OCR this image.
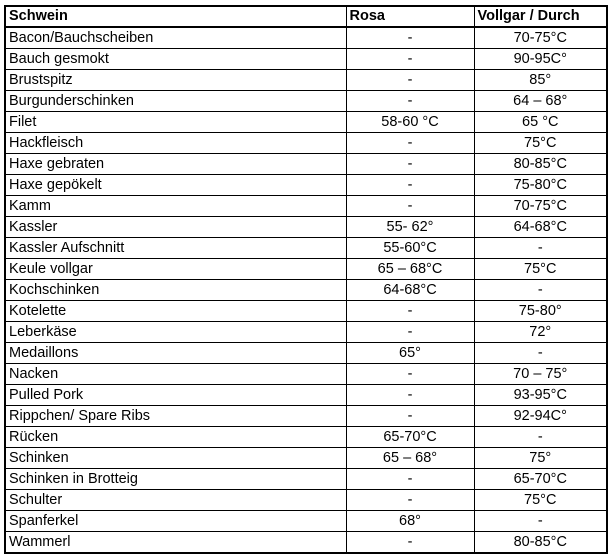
Schwein	Rosa	Vollgar / Durch
Bacon/Bauchscheiben	-	70-75°C
Bauch gesmokt	-	90-95C°
Brustspitz	-	85°
Burgunderschinken	-	64 – 68°
Filet	58-60 °C	65 °C
Hackfleisch	-	75°C
Haxe gebraten	-	80-85°C
Haxe gepökelt	-	75-80°C
Kamm	-	70-75°C
Kassler	55- 62°	64-68°C
Kassler Aufschnitt	55-60°C	-
Keule vollgar	65 – 68°C	75°C
Kochschinken	64-68°C	-
Kotelette	-	75-80°
Leberkäse	-	72°
Medaillons	65°	-
Nacken	-	70 – 75°
Pulled Pork	-	93-95°C
Rippchen/ Spare Ribs	-	92-94C°
Rücken	65-70°C	-
Schinken	65 – 68°	75°
Schinken in Brotteig	-	65-70°C
Schulter	-	75°C
Spanferkel	68°	-
Wammerl	-	80-85°C
